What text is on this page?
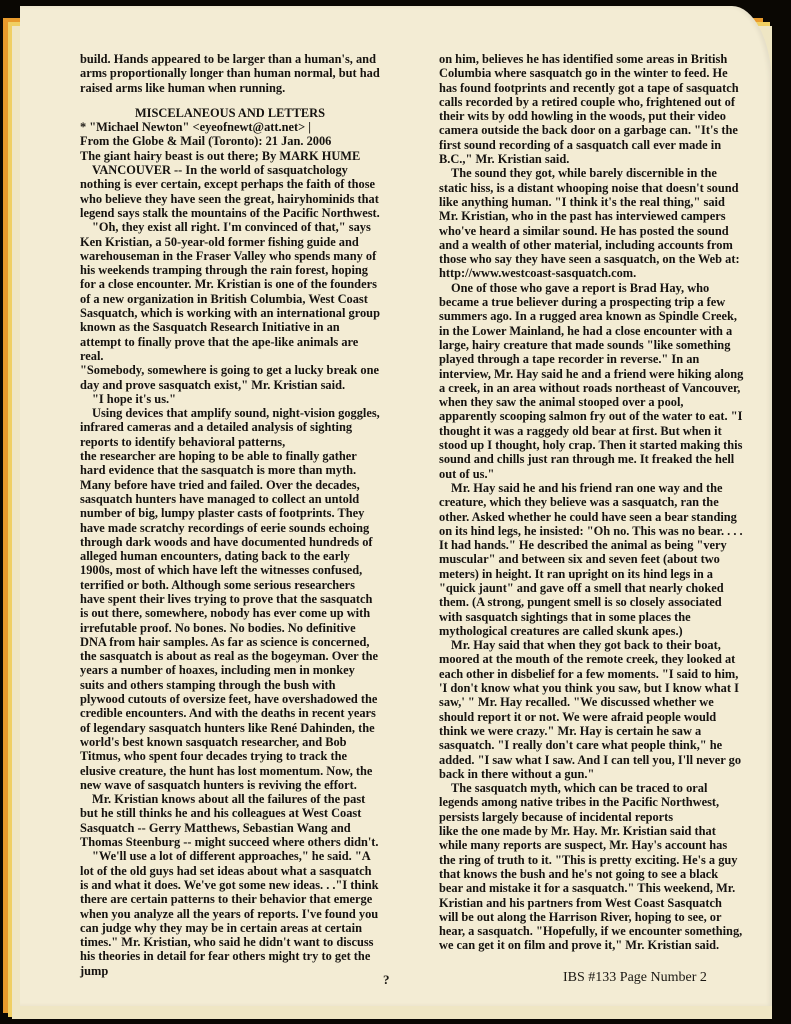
build. Hands appeared to be larger than a human's, and arms proportionally longer than human normal, but had raised arms like human when running.

MISCELANEOUS AND LETTERS

* "Michael Newton" <eyeofnewt@att.net> |

From the Globe & Mail (Toronto): 21 Jan. 2006

The giant hairy beast is out there; By MARK HUME

VANCOUVER -- In the world of sasquatchology nothing is ever certain, except perhaps the faith of those who believe they have seen the great, hairyhominids that legend says stalk the mountains of the Pacific Northwest.

"Oh, they exist all right. I'm convinced of that," says Ken Kristian, a 50-year-old former fishing guide and warehouseman in the Fraser Valley who spends many of his weekends tramping through the rain forest, hoping for a close encounter. Mr. Kristian is one of the founders of a new organization in British Columbia, West Coast Sasquatch, which is working with an international group known as the Sasquatch Research Initiative in an attempt to finally prove that the ape-like animals are real.

"Somebody, somewhere is going to get a lucky break one day and prove sasquatch exist," Mr. Kristian said.

"I hope it's us."

Using devices that amplify sound, night-vision goggles, infrared cameras and a detailed analysis of sighting reports to identify behavioral patterns,

the researcher are hoping to be able to finally gather hard evidence that the sasquatch is more than myth. Many before have tried and failed. Over the decades, sasquatch hunters have managed to collect an untold number of big, lumpy plaster casts of footprints. They have made scratchy recordings of eerie sounds echoing through dark woods and have documented hundreds of alleged human encounters, dating back to the early 1900s, most of which have left the witnesses confused, terrified or both. Although some serious researchers have spent their lives trying to prove that the sasquatch is out there, somewhere, nobody has ever come up with irrefutable proof. No bones. No bodies. No definitive DNA from hair samples. As far as science is concerned, the sasquatch is about as real as the bogeyman. Over the years a number of hoaxes, including men in monkey suits and others stamping through the bush with plywood cutouts of oversize feet, have overshadowed the credible encounters. And with the deaths in recent years of legendary sasquatch hunters like René Dahinden, the world's best known sasquatch researcher, and Bob Titmus, who spent four decades trying to track the elusive creature, the hunt has lost momentum. Now, the new wave of sasquatch hunters is reviving the effort.

Mr. Kristian knows about all the failures of the past but he still thinks he and his colleagues at West Coast Sasquatch -- Gerry Matthews, Sebastian Wang and Thomas Steenburg -- might succeed where others didn't.

"We'll use a lot of different approaches," he said. "A lot of the old guys had set ideas about what a sasquatch is and what it does. We've got some new ideas. . ."I think there are certain patterns to their behavior that emerge when you analyze all the years of reports. I've found you can judge why they may be in certain areas at certain times." Mr. Kristian, who said he didn't want to discuss his theories in detail for fear others might try to get the jump

on him, believes he has identified some areas in British Columbia where sasquatch go in the winter to feed. He has found footprints and recently got a tape of sasquatch calls recorded by a retired couple who, frightened out of their wits by odd howling in the woods, put their video camera outside the back door on a garbage can. "It's the first sound recording of a sasquatch call ever made in B.C.," Mr. Kristian said.

The sound they got, while barely discernible in the static hiss, is a distant whooping noise that doesn't sound like anything human. "I think it's the real thing," said Mr. Kristian, who in the past has interviewed campers who've heard a similar sound. He has posted the sound and a wealth of other material, including accounts from those who say they have seen a sasquatch, on the Web at: http://www.westcoast-sasquatch.com.

One of those who gave a report is Brad Hay, who became a true believer during a prospecting trip a few summers ago. In a rugged area known as Spindle Creek, in the Lower Mainland, he had a close encounter with a large, hairy creature that made sounds "like something played through a tape recorder in reverse." In an interview, Mr. Hay said he and a friend were hiking along a creek, in an area without roads northeast of Vancouver, when they saw the animal stooped over a pool, apparently scooping salmon fry out of the water to eat. "I thought it was a raggedy old bear at first. But when it stood up I thought, holy crap. Then it started making this sound and chills just ran through me. It freaked the hell out of us."

Mr. Hay said he and his friend ran one way and the creature, which they believe was a sasquatch, ran the other. Asked whether he could have seen a bear standing on its hind legs, he insisted: "Oh no. This was no bear. . . . It had hands." He described the animal as being "very muscular" and between six and seven feet (about two meters) in height. It ran upright on its hind legs in a "quick jaunt" and gave off a smell that nearly choked them. (A strong, pungent smell is so closely associated with sasquatch sightings that in some places the mythological creatures are called skunk apes.)

Mr. Hay said that when they got back to their boat, moored at the mouth of the remote creek, they looked at each other in disbelief for a few moments. "I said to him, 'I don't know what you think you saw, but I know what I saw,' " Mr. Hay recalled. "We discussed whether we should report it or not. We were afraid people would think we were crazy." Mr. Hay is certain he saw a sasquatch. "I really don't care what people think," he added. "I saw what I saw. And I can tell you, I'll never go back in there without a gun."

The sasquatch myth, which can be traced to oral legends among native tribes in the Pacific Northwest, persists largely because of incidental reports

like the one made by Mr. Hay. Mr. Kristian said that while many reports are suspect, Mr. Hay's account has the ring of truth to it. "This is pretty exciting. He's a guy that knows the bush and he's not going to see a black bear and mistake it for a sasquatch." This weekend, Mr. Kristian and his partners from West Coast Sasquatch will be out along the Harrison River, hoping to see, or hear, a sasquatch. "Hopefully, if we encounter something, we can get it on film and prove it," Mr. Kristian said.

?	IBS #133 Page Number 2
